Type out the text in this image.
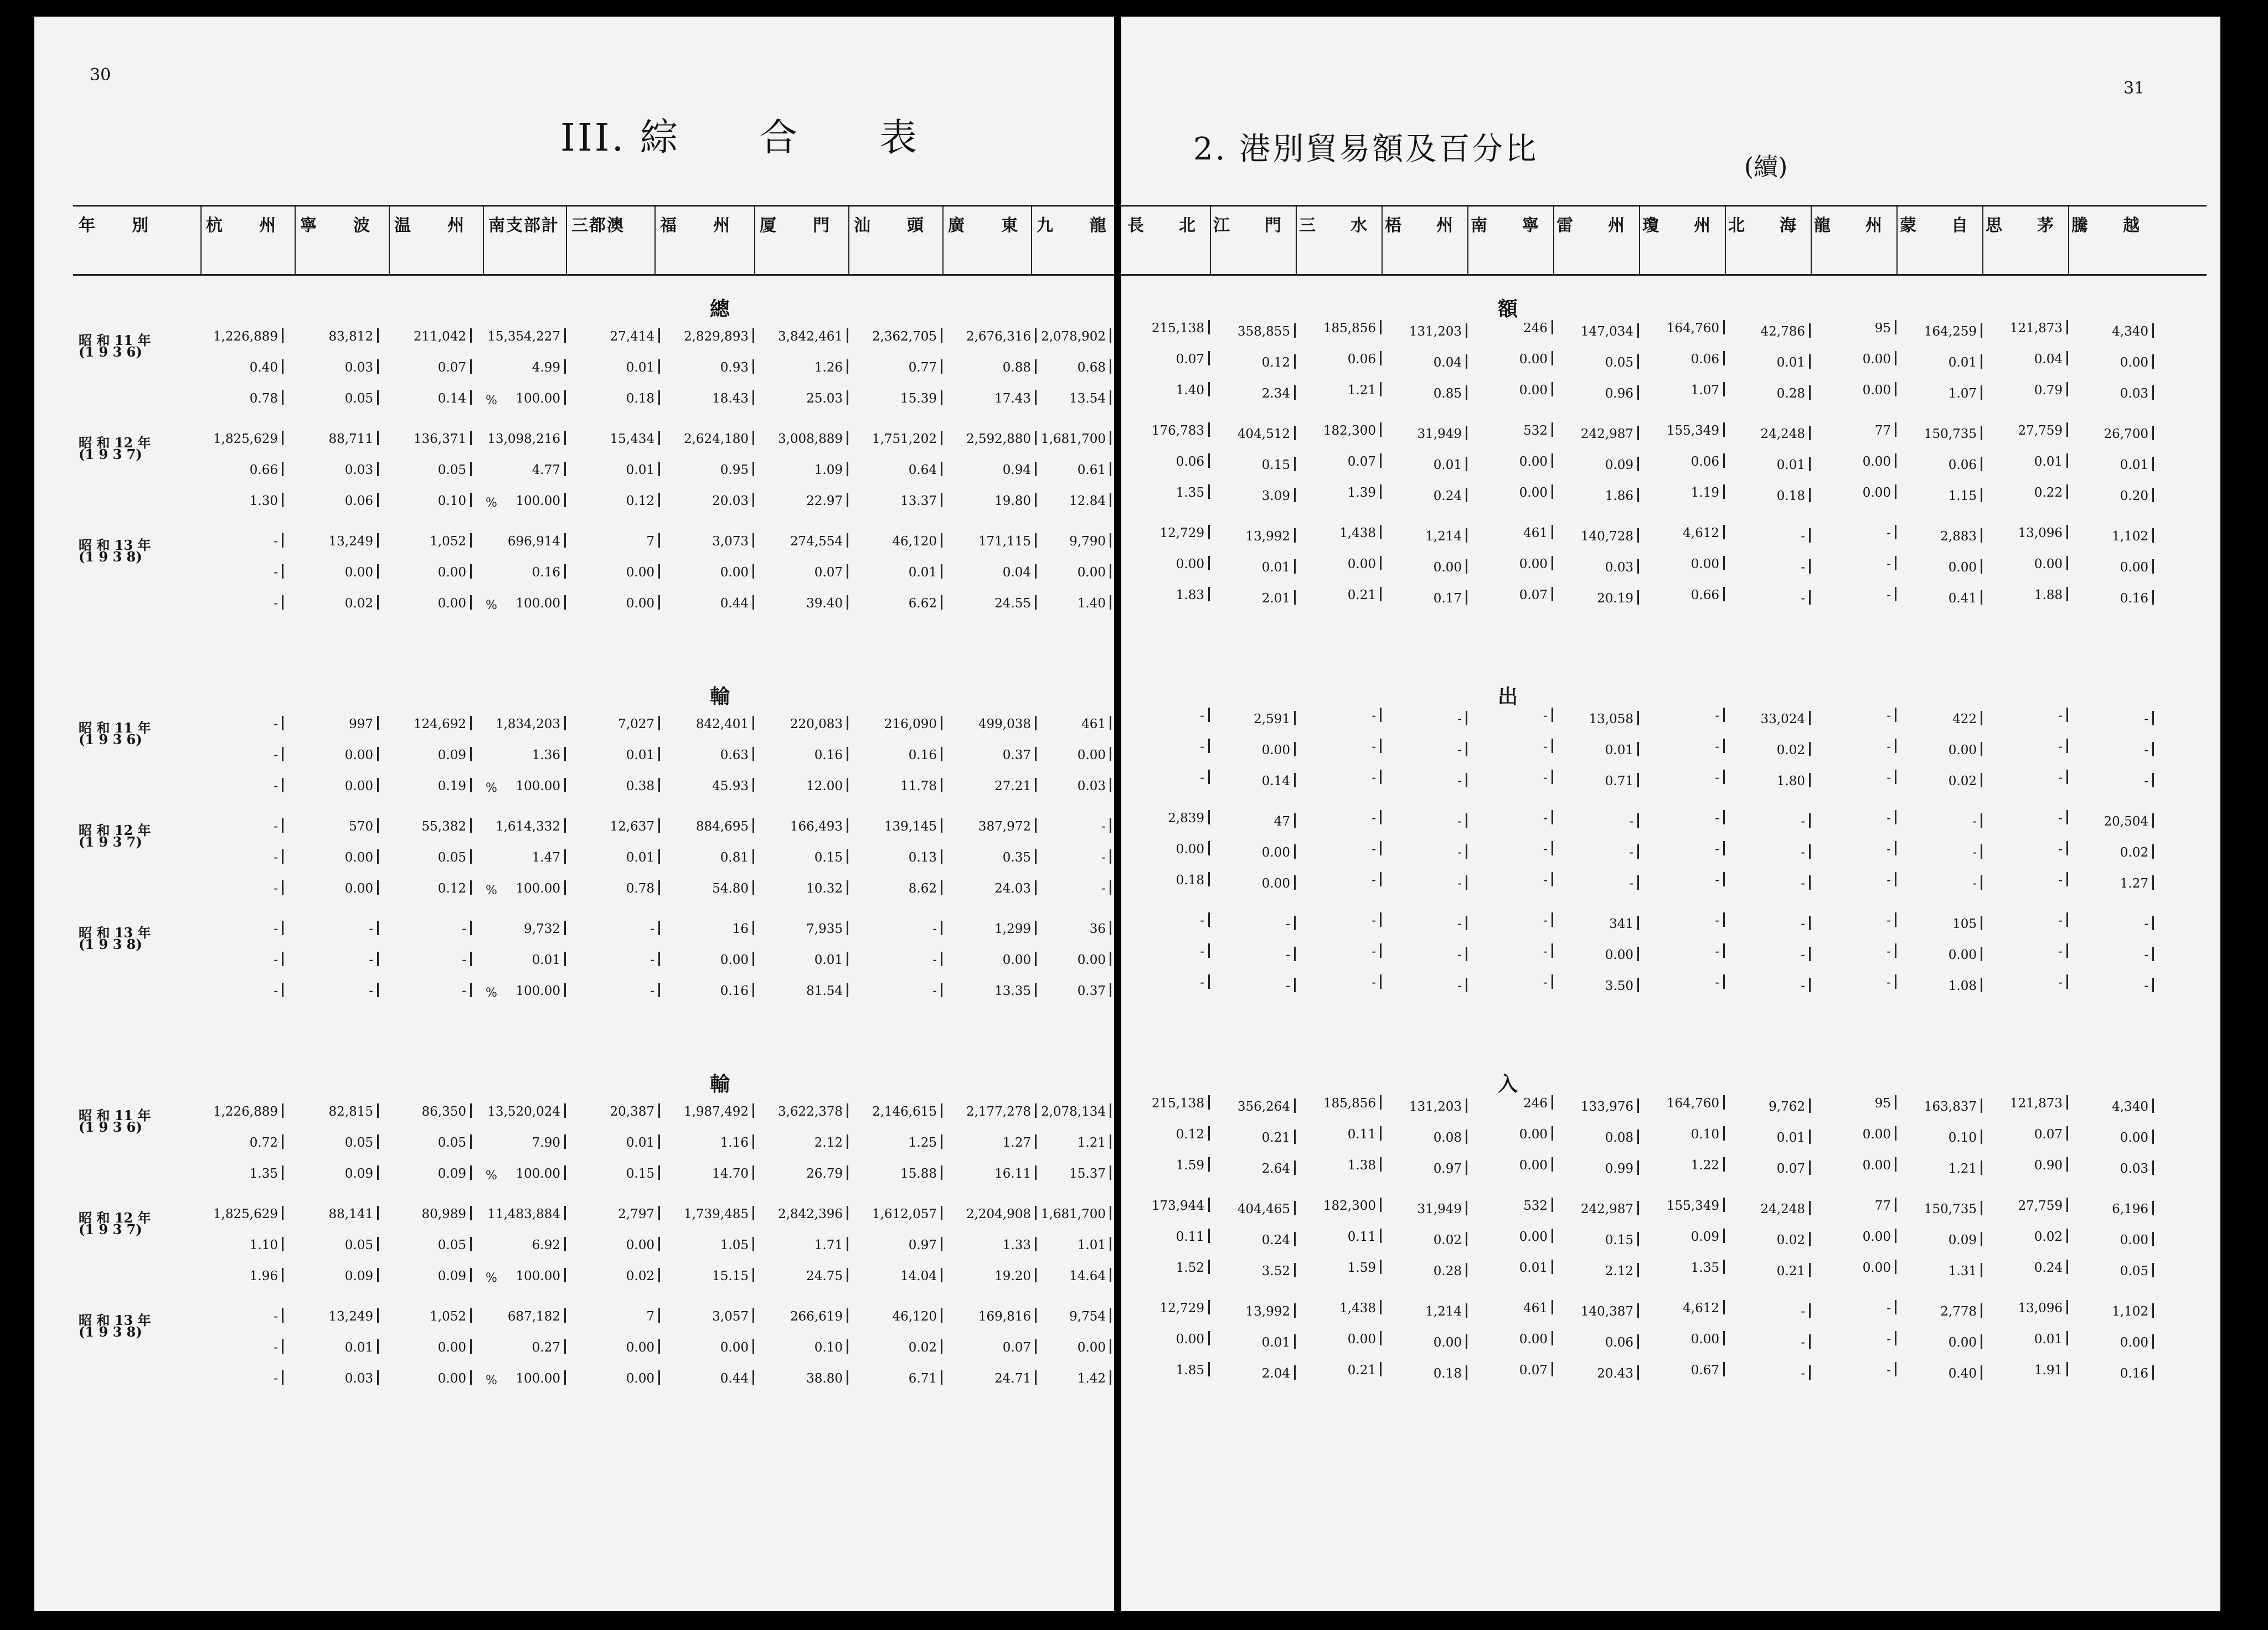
30
III. 綜　　合　　表
年　　別	杭　　州	寧　　波	温　　州	南支部計 三都澳	福　　州	厦　　門	汕　　頭	廣　　東	九　　龍
總
昭 和 11 年
(1 9 3 6)
1,226,889	83,812	211,042	15,354,227	27,414	2,829,893	3,842,461	2,362,705	2,676,316 2,078,902
0.40	0.03	0.07	4.99	0.01	0.93	1.26	0.77	0.88	0.68
0.78	0.05	0.14	100.00	0.18	18.43	25.03	15.39	17.43	13.54
%
昭 和 12 年
(1 9 3 7)
1,825,629	88,711	136,371	13,098,216	15,434	2,624,180	3,008,889	1,751,202	2,592,880 1,681,700
0.66	0.03	0.05	4.77	0.01	0.95	1.09	0.64	0.94	0.61
1.30	0.06	0.10	100.00	0.12	20.03	22.97	13.37	19.80	12.84
%
昭 和 13 年
(1 9 3 8)
-	13,249	1,052	696,914	7	3,073	274,554	46,120	171,115	9,790
-	0.00	0.00	0.16	0.00	0.00	0.07	0.01	0.04	0.00
-	0.02	0.00	100.00	0.00	0.44	39.40	6.62	24.55	1.40
%
輸
昭 和 11 年
(1 9 3 6)
-	997	124,692	1,834,203	7,027	842,401	220,083	216,090	499,038	461
-	0.00	0.09	1.36	0.01	0.63	0.16	0.16	0.37	0.00
-	0.00	0.19	100.00	0.38	45.93	12.00	11.78	27.21	0.03
%
昭 和 12 年
(1 9 3 7)
-	570	55,382	1,614,332	12,637	884,695	166,493	139,145	387,972	-
-	0.00	0.05	1.47	0.01	0.81	0.15	0.13	0.35	-
-	0.00	0.12	100.00	0.78	54.80	10.32	8.62	24.03	-
%
昭 和 13 年
(1 9 3 8)
-	-	-	9,732	-	16	7,935	-	1,299	36
-	-	-	0.01	-	0.00	0.01	-	0.00	0.00
-	-	-	100.00	-	0.16	81.54	-	13.35	0.37
%
輸
昭 和 11 年
(1 9 3 6)
1,226,889	82,815	86,350	13,520,024	20,387	1,987,492	3,622,378	2,146,615	2,177,278 2,078,134
0.72	0.05	0.05	7.90	0.01	1.16	2.12	1.25	1.27	1.21
1.35	0.09	0.09	100.00	0.15	14.70	26.79	15.88	16.11	15.37
%
昭 和 12 年
(1 9 3 7)
1,825,629	88,141	80,989	11,483,884	2,797	1,739,485	2,842,396	1,612,057	2,204,908 1,681,700
1.10	0.05	0.05	6.92	0.00	1.05	1.71	0.97	1.33	1.01
1.96	0.09	0.09	100.00	0.02	15.15	24.75	14.04	19.20	14.64
%
昭 和 13 年
(1 9 3 8)
-	13,249	1,052	687,182	7	3,057	266,619	46,120	169,816	9,754
-	0.01	0.00	0.27	0.00	0.00	0.10	0.02	0.07	0.00
-	0.03	0.00	100.00	0.00	0.44	38.80	6.71	24.71	1.42
%
31
2. 港別貿易額及百分比	(續)
長　　北	江　　門	三　　水	梧　　州	南　　寧	雷　　州	瓊　　州	北　　海	龍　　州	蒙　　自	思　　茅	騰　　越
額
215,138	358,855	185,856	131,203	246	147,034	164,760	42,786	95	164,259	121,873	4,340
0.07	0.12	0.06	0.04	0.00	0.05	0.06	0.01	0.00	0.01	0.04	0.00
1.40	2.34	1.21	0.85	0.00	0.96	1.07	0.28	0.00	1.07	0.79	0.03
176,783	404,512	182,300	31,949	532	242,987	155,349	24,248	77	150,735	27,759	26,700
0.06	0.15	0.07	0.01	0.00	0.09	0.06	0.01	0.00	0.06	0.01	0.01
1.35	3.09	1.39	0.24	0.00	1.86	1.19	0.18	0.00	1.15	0.22	0.20
12,729	13,992	1,438	1,214	461	140,728	4,612	-	-	2,883	13,096	1,102
0.00	0.01	0.00	0.00	0.00	0.03	0.00	-	-	0.00	0.00	0.00
1.83	2.01	0.21	0.17	0.07	20.19	0.66	-	-	0.41	1.88	0.16
出
-	2,591	-	-	-	13,058	-	33,024	-	422	-	-
-	0.00	-	-	-	0.01	-	0.02	-	0.00	-	-
-	0.14	-	-	-	0.71	-	1.80	-	0.02	-	-
2,839	47	-	-	-	-	-	-	-	-	-	20,504
0.00	0.00	-	-	-	-	-	-	-	-	-	0.02
0.18	0.00	-	-	-	-	-	-	-	-	-	1.27
-	-	-	-	-	341	-	-	-	105	-	-
-	-	-	-	-	0.00	-	-	-	0.00	-	-
-	-	-	-	-	3.50	-	-	-	1.08	-	-
入
215,138	356,264	185,856	131,203	246	133,976	164,760	9,762	95	163,837	121,873	4,340
0.12	0.21	0.11	0.08	0.00	0.08	0.10	0.01	0.00	0.10	0.07	0.00
1.59	2.64	1.38	0.97	0.00	0.99	1.22	0.07	0.00	1.21	0.90	0.03
173,944	404,465	182,300	31,949	532	242,987	155,349	24,248	77	150,735	27,759	6,196
0.11	0.24	0.11	0.02	0.00	0.15	0.09	0.02	0.00	0.09	0.02	0.00
1.52	3.52	1.59	0.28	0.01	2.12	1.35	0.21	0.00	1.31	0.24	0.05
12,729	13,992	1,438	1,214	461	140,387	4,612	-	-	2,778	13,096	1,102
0.00	0.01	0.00	0.00	0.00	0.06	0.00	-	-	0.00	0.01	0.00
1.85	2.04	0.21	0.18	0.07	20.43	0.67	-	-	0.40	1.91	0.16
